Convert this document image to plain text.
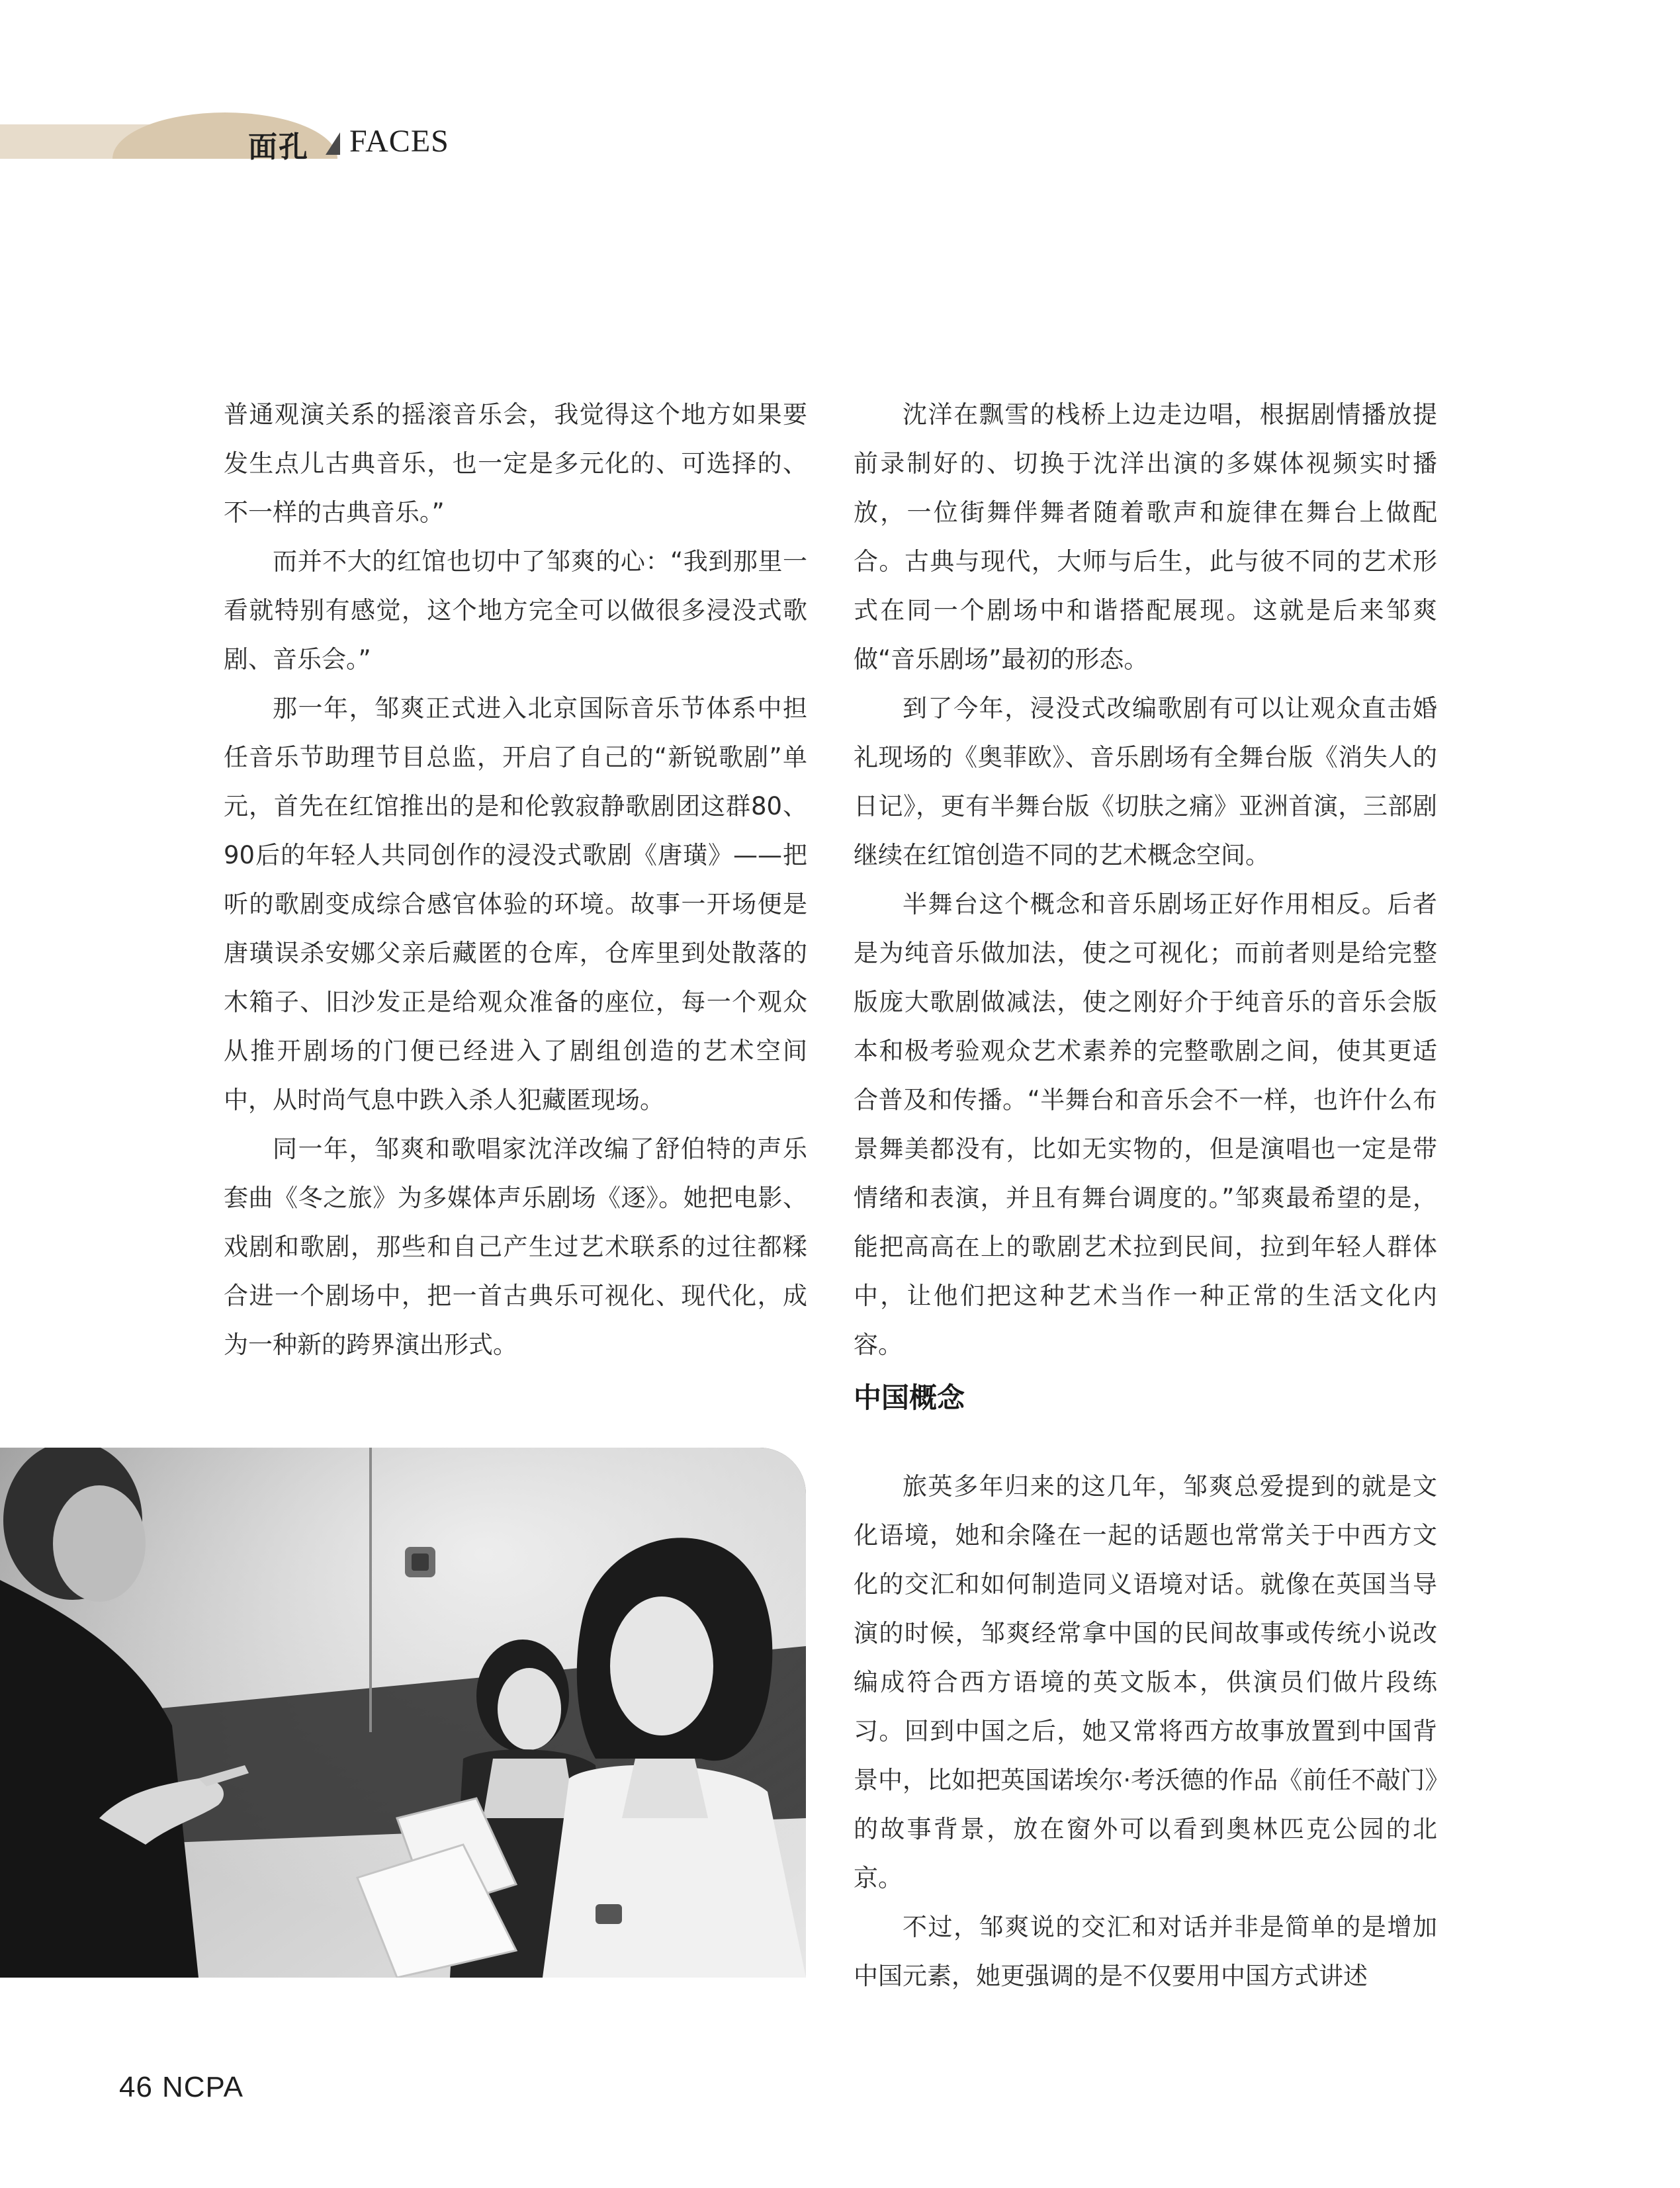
面孔 FACES

普通观演关系的摇滚音乐会，我觉得这个地方如果要发生点儿古典音乐，也一定是多元化的、可选择的、不一样的古典音乐。”

而并不大的红馆也切中了邹爽的心：“我到那里一看就特别有感觉，这个地方完全可以做很多浸没式歌剧、音乐会。”

那一年，邹爽正式进入北京国际音乐节体系中担任音乐节助理节目总监，开启了自己的“新锐歌剧”单元，首先在红馆推出的是和伦敦寂静歌剧团这群80、90后的年轻人共同创作的浸没式歌剧《唐璜》——把听的歌剧变成综合感官体验的环境。故事一开场便是唐璜误杀安娜父亲后藏匿的仓库，仓库里到处散落的木箱子、旧沙发正是给观众准备的座位，每一个观众从推开剧场的门便已经进入了剧组创造的艺术空间中，从时尚气息中跌入杀人犯藏匿现场。

同一年，邹爽和歌唱家沈洋改编了舒伯特的声乐套曲《冬之旅》为多媒体声乐剧场《逐》。她把电影、戏剧和歌剧，那些和自己产生过艺术联系的过往都糅合进一个剧场中，把一首古典乐可视化、现代化，成为一种新的跨界演出形式。

沈洋在飘雪的栈桥上边走边唱，根据剧情播放提前录制好的、切换于沈洋出演的多媒体视频实时播放，一位街舞伴舞者随着歌声和旋律在舞台上做配合。古典与现代，大师与后生，此与彼不同的艺术形式在同一个剧场中和谐搭配展现。这就是后来邹爽做“音乐剧场”最初的形态。

到了今年，浸没式改编歌剧有可以让观众直击婚礼现场的《奥菲欧》、音乐剧场有全舞台版《消失人的日记》，更有半舞台版《切肤之痛》亚洲首演，三部剧继续在红馆创造不同的艺术概念空间。

半舞台这个概念和音乐剧场正好作用相反。后者是为纯音乐做加法，使之可视化；而前者则是给完整版庞大歌剧做减法，使之刚好介于纯音乐的音乐会版本和极考验观众艺术素养的完整歌剧之间，使其更适合普及和传播。“半舞台和音乐会不一样，也许什么布景舞美都没有，比如无实物的，但是演唱也一定是带情绪和表演，并且有舞台调度的。”邹爽最希望的是，能把高高在上的歌剧艺术拉到民间，拉到年轻人群体中，让他们把这种艺术当作一种正常的生活文化内容。

中国概念

旅英多年归来的这几年，邹爽总爱提到的就是文化语境，她和余隆在一起的话题也常常关于中西方文化的交汇和如何制造同义语境对话。就像在英国当导演的时候，邹爽经常拿中国的民间故事或传统小说改编成符合西方语境的英文版本，供演员们做片段练习。回到中国之后，她又常将西方故事放置到中国背景中，比如把英国诺埃尔·考沃德的作品《前任不敲门》的故事背景，放在窗外可以看到奥林匹克公园的北京。

不过，邹爽说的交汇和对话并非是简单的是增加中国元素，她更强调的是不仅要用中国方式讲述

46 NCPA
